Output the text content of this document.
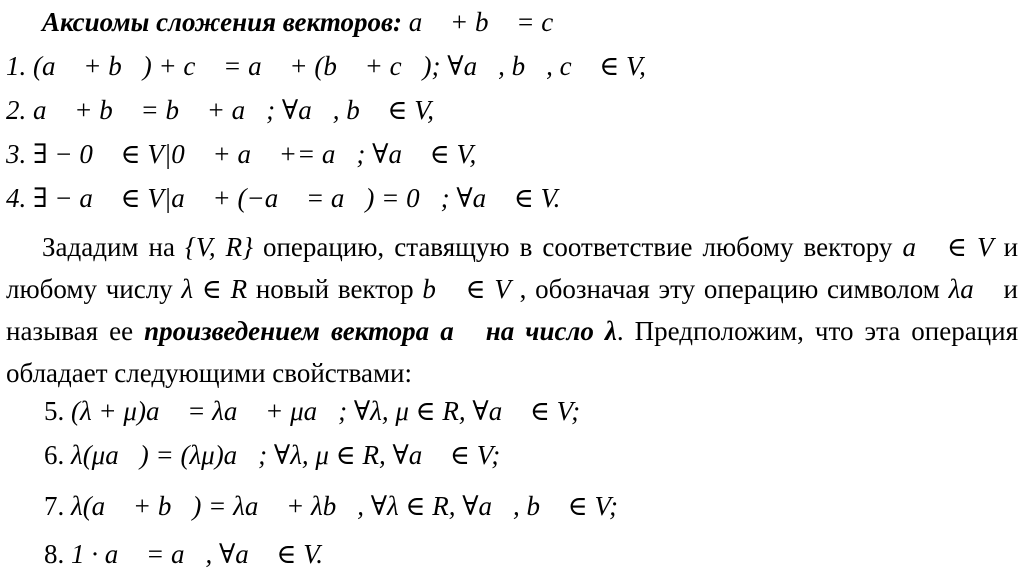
Аксиомы сложения векторов: a⃗ + b⃗ = c⃗
1. (a⃗ + b⃗) + c⃗ = a⃗ + (b⃗ + c⃗); ∀a⃗, b⃗, c⃗ ∈ V,
2. a⃗ + b⃗ = b⃗ + a⃗; ∀a⃗, b⃗ ∈ V,
3. ∃ − 0⃗ ∈ V|0⃗ + a⃗ += a⃗; ∀a⃗ ∈ V,
4. ∃ − a⃗ ∈ V|a⃗ + (−a⃗ = a⃗) = 0⃗; ∀a⃗ ∈ V.
Зададим на {V, R} операцию, ставящую в соответствие любому вектору a⃗ ∈ V и любому числу λ ∈ R новый вектор b⃗ ∈ V , обозначая эту операцию символом λa⃗ и называя ее произведением вектора a⃗ на число λ. Предположим, что эта операция обладает следующими свойствами:
5. (λ + μ)a⃗ = λa⃗ + μa⃗; ∀λ, μ ∈ R, ∀a⃗ ∈ V;
6. λ(μa⃗) = (λμ)a⃗; ∀λ, μ ∈ R, ∀a⃗ ∈ V;
7. λ(a⃗ + b⃗) = λa⃗ + λb⃗, ∀λ ∈ R, ∀a⃗, b⃗ ∈ V;
8. 1 · a⃗ = a⃗, ∀a⃗ ∈ V.
